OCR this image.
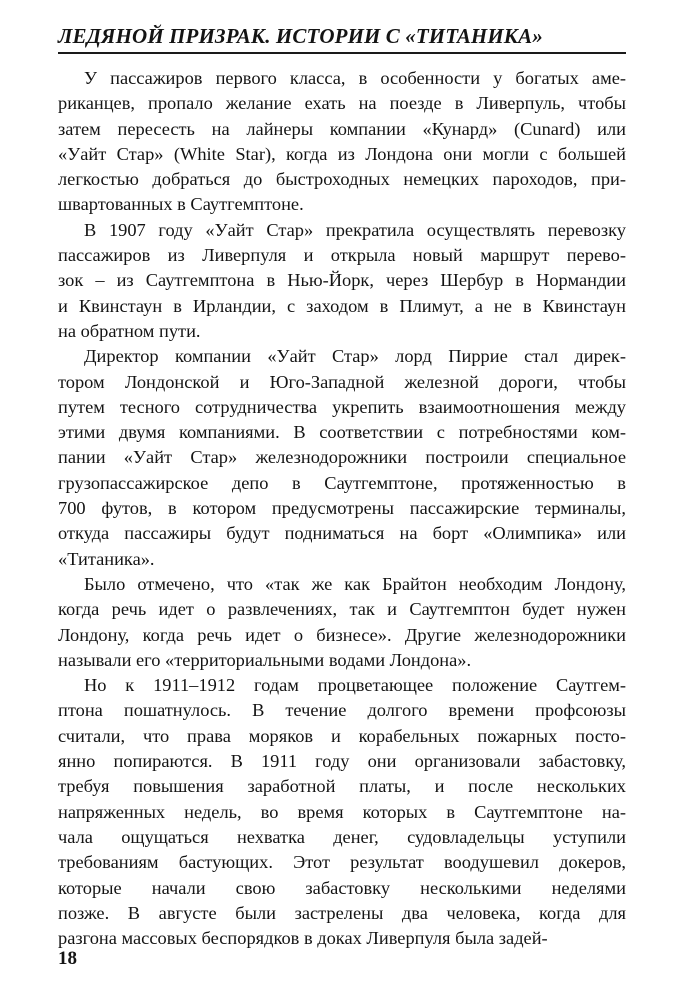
ЛЕДЯНОЙ ПРИЗРАК. ИСТОРИИ С «ТИТАНИКА»
У пассажиров первого класса, в особенности у богатых аме-
риканцев, пропало желание ехать на поезде в Ливерпуль, чтобы
затем пересесть на лайнеры компании «Кунард» (Cunard) или
«Уайт Стар» (White Star), когда из Лондона они могли с большей
легкостью добраться до быстроходных немецких пароходов, при-
швартованных в Саутгемптоне.
В 1907 году «Уайт Стар» прекратила осуществлять перевозку
пассажиров из Ливерпуля и открыла новый маршрут перево-
зок – из Саутгемптона в Нью-Йорк, через Шербур в Нормандии
и Квинстаун в Ирландии, с заходом в Плимут, а не в Квинстаун
на обратном пути.
Директор компании «Уайт Стар» лорд Пиррие стал дирек-
тором Лондонской и Юго-Западной железной дороги, чтобы
путем тесного сотрудничества укрепить взаимоотношения между
этими двумя компаниями. В соответствии с потребностями ком-
пании «Уайт Стар» железнодорожники построили специальное
грузопассажирское депо в Саутгемптоне, протяженностью в
700 футов, в котором предусмотрены пассажирские терминалы,
откуда пассажиры будут подниматься на борт «Олимпика» или
«Титаника».
Было отмечено, что «так же как Брайтон необходим Лондону,
когда речь идет о развлечениях, так и Саутгемптон будет нужен
Лондону, когда речь идет о бизнесе». Другие железнодорожники
называли его «территориальными водами Лондона».
Но к 1911–1912 годам процветающее положение Саутгем-
птона пошатнулось. В течение долгого времени профсоюзы
считали, что права моряков и корабельных пожарных посто-
янно попираются. В 1911 году они организовали забастовку,
требуя повышения заработной платы, и после нескольких
напряженных недель, во время которых в Саутгемптоне на-
чала ощущаться нехватка денег, судовладельцы уступили
требованиям бастующих. Этот результат воодушевил докеров,
которые начали свою забастовку несколькими неделями
позже. В августе были застрелены два человека, когда для
разгона массовых беспорядков в доках Ливерпуля была задей-
18
